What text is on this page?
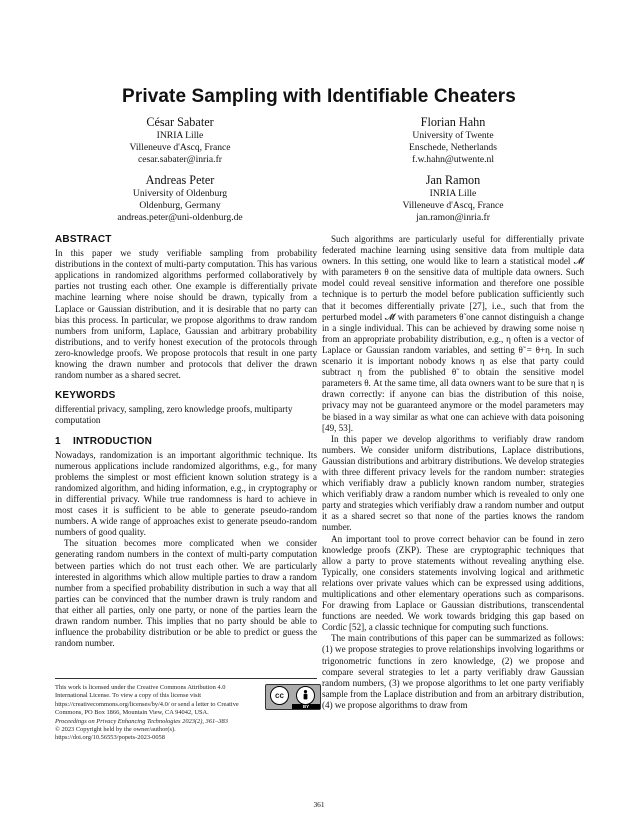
Private Sampling with Identifiable Cheaters
César Sabater
INRIA Lille
Villeneuve d'Ascq, France
cesar.sabater@inria.fr
Florian Hahn
University of Twente
Enschede, Netherlands
f.w.hahn@utwente.nl
Andreas Peter
University of Oldenburg
Oldenburg, Germany
andreas.peter@uni-oldenburg.de
Jan Ramon
INRIA Lille
Villeneuve d'Ascq, France
jan.ramon@inria.fr
ABSTRACT

In this paper we study verifiable sampling from probability distributions in the context of multi-party computation. This has various applications in randomized algorithms performed collaboratively by parties not trusting each other. One example is differentially private machine learning where noise should be drawn, typically from a Laplace or Gaussian distribution, and it is desirable that no party can bias this process. In particular, we propose algorithms to draw random numbers from uniform, Laplace, Gaussian and arbitrary probability distributions, and to verify honest execution of the protocols through zero-knowledge proofs. We propose protocols that result in one party knowing the drawn number and protocols that deliver the drawn random number as a shared secret.

KEYWORDS

differential privacy, sampling, zero knowledge proofs, multiparty computation

1 INTRODUCTION

Nowadays, randomization is an important algorithmic technique. Its numerous applications include randomized algorithms, e.g., for many problems the simplest or most efficient known solution strategy is a randomized algorithm, and hiding information, e.g., in cryptography or in differential privacy. While true randomness is hard to achieve in most cases it is sufficient to be able to generate pseudo-random numbers. A wide range of approaches exist to generate pseudo-random numbers of good quality.

The situation becomes more complicated when we consider generating random numbers in the context of multi-party computation between parties which do not trust each other. We are particularly interested in algorithms which allow multiple parties to draw a random number from a specified probability distribution in such a way that all parties can be convinced that the number drawn is truly random and that either all parties, only one party, or none of the parties learn the drawn random number. This implies that no party should be able to influence the probability distribution or be able to predict or guess the random number.

Such algorithms are particularly useful for differentially private federated machine learning using sensitive data from multiple data owners. In this setting, one would like to learn a statistical model 𝓜 with parameters θ on the sensitive data of multiple data owners. Such model could reveal sensitive information and therefore one possible technique is to perturb the model before publication sufficiently such that it becomes differentially private [27], i.e., such that from the perturbed model 𝓜̃ with parameters θ̃ one cannot distinguish a change in a single individual. This can be achieved by drawing some noise η from an appropriate probability distribution, e.g., η often is a vector of Laplace or Gaussian random variables, and setting θ̃ = θ+η. In such scenario it is important nobody knows η as else that party could subtract η from the published θ̃ to obtain the sensitive model parameters θ. At the same time, all data owners want to be sure that η is drawn correctly: if anyone can bias the distribution of this noise, privacy may not be guaranteed anymore or the model parameters may be biased in a way similar as what one can achieve with data poisoning [49, 53].

In this paper we develop algorithms to verifiably draw random numbers. We consider uniform distributions, Laplace distributions, Gaussian distributions and arbitrary distributions. We develop strategies with three different privacy levels for the random number: strategies which verifiably draw a publicly known random number, strategies which verifiably draw a random number which is revealed to only one party and strategies which verifiably draw a random number and output it as a shared secret so that none of the parties knows the random number.

An important tool to prove correct behavior can be found in zero knowledge proofs (ZKP). These are cryptographic techniques that allow a party to prove statements without revealing anything else. Typically, one considers statements involving logical and arithmetic relations over private values which can be expressed using additions, multiplications and other elementary operations such as comparisons. For drawing from Laplace or Gaussian distributions, transcendental functions are needed. We work towards bridging this gap based on Cordic [52], a classic technique for computing such functions.

The main contributions of this paper can be summarized as follows: (1) we propose strategies to prove relationships involving logarithms or trigonometric functions in zero knowledge, (2) we propose and compare several strategies to let a party verifiably draw Gaussian random numbers, (3) we propose algorithms to let one party verifiably sample from the Laplace distribution and from an arbitrary distribution, (4) we propose algorithms to draw from

This work is licensed under the Creative Commons Attribution 4.0 International License. To view a copy of this license visit https://creativecommons.org/licenses/by/4.0/ or send a letter to Creative Commons, PO Box 1866, Mountain View, CA 94042, USA.

cc
BY

Proceedings on Privacy Enhancing Technologies 2023(2), 361–383

© 2023 Copyright held by the owner/author(s).

https://doi.org/10.56553/popets-2023-0058

361
